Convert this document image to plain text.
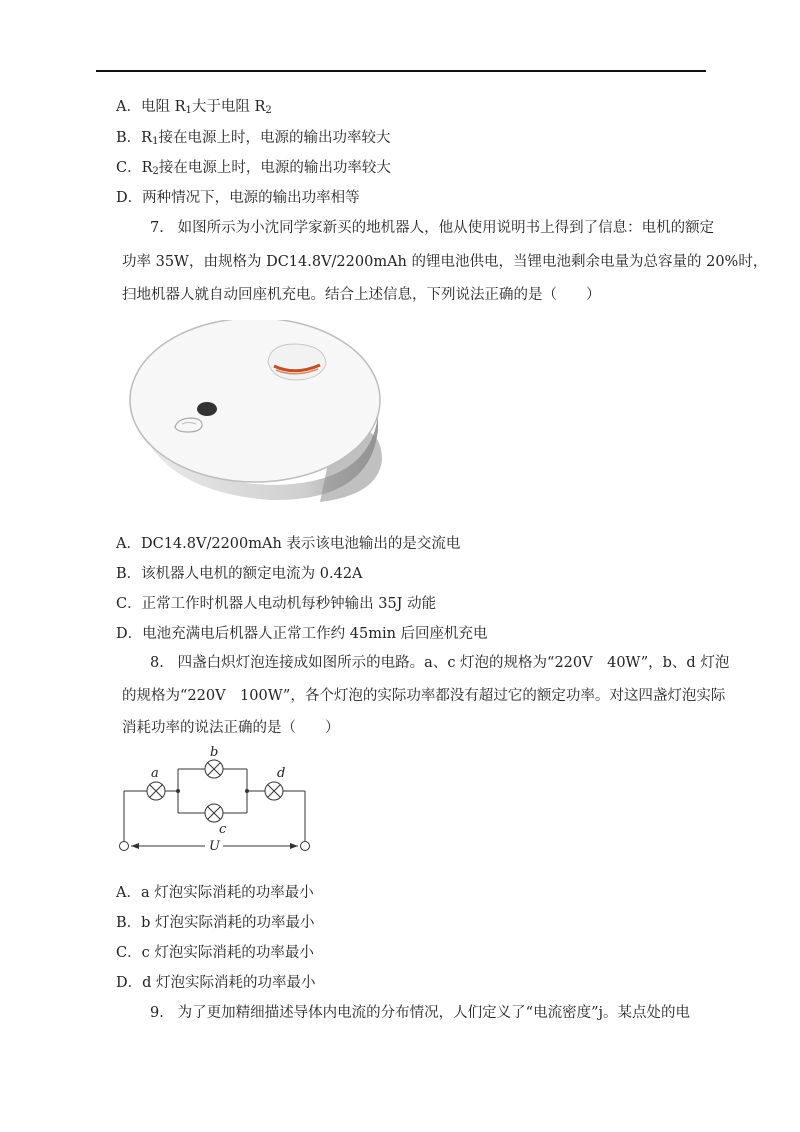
A．电阻 $R_1$大于电阻 $R_2$
B．$R_1$接在电源上时，电源的输出功率较大
C．$R_2$接在电源上时，电源的输出功率较大
D．两种情况下，电源的输出功率相等
7. 如图所示为小沈同学家新买的地机器人，他从使用说明书上得到了信息：电机的额定
功率 35W，由规格为 DC14.8V/2200mAh 的锂电池供电，当锂电池剩余电量为总容量的 20%时，
扫地机器人就自动回座机充电。结合上述信息，下列说法正确的是（　　）
A．DC14.8V/2200mAh 表示该电池输出的是交流电
B．该机器人电机的额定电流为 0.42A
C．正常工作时机器人电动机每秒钟输出 35J 动能
D．电池充满电后机器人正常工作约 45min 后回座机充电
8. 四盏白炽灯泡连接成如图所示的电路。a、c 灯泡的规格为“220V　40W”，b、d 灯泡
的规格为“220V　100W”，各个灯泡的实际功率都没有超过它的额定功率。对这四盏灯泡实际
消耗功率的说法正确的是（　　）
a
b
c
d
U
A．a 灯泡实际消耗的功率最小
B．b 灯泡实际消耗的功率最小
C．c 灯泡实际消耗的功率最小
D．d 灯泡实际消耗的功率最小
9. 为了更加精细描述导体内电流的分布情况，人们定义了“电流密度”j。某点处的电
